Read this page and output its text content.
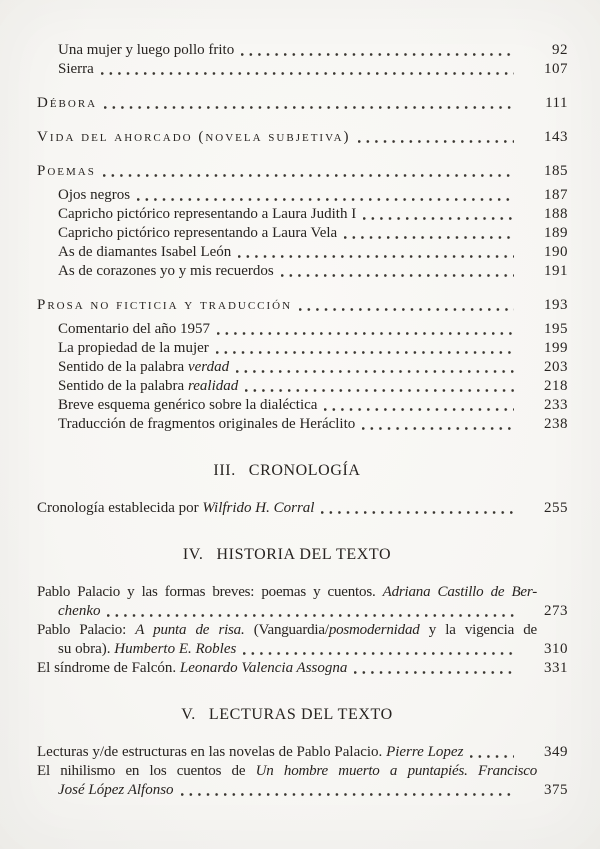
Una mujer y luego pollo frito	92
Sierra	107
Débora	111
Vida del ahorcado (novela subjetiva)	143
Poemas	185
Ojos negros	187
Capricho pictórico representando a Laura Judith I	188
Capricho pictórico representando a Laura Vela	189
As de diamantes Isabel León	190
As de corazones yo y mis recuerdos	191
Prosa no ficticia y traducción	193
Comentario del año 1957	195
La propiedad de la mujer	199
Sentido de la palabra verdad	203
Sentido de la palabra realidad	218
Breve esquema genérico sobre la dialéctica	233
Traducción de fragmentos originales de Heráclito	238
III. CRONOLOGÍA
Cronología establecida por Wilfrido H. Corral	255
IV. HISTORIA DEL TEXTO
Pablo Palacio y las formas breves: poemas y cuentos. Adriana Castillo de Ber-
chenko	273
Pablo Palacio: A punta de risa. (Vanguardia/posmodernidad y la vigencia de
su obra). Humberto E. Robles	310
El síndrome de Falcón. Leonardo Valencia Assogna	331
V. LECTURAS DEL TEXTO
Lecturas y/de estructuras en las novelas de Pablo Palacio. Pierre Lopez	349
El nihilismo en los cuentos de Un hombre muerto a puntapiés. Francisco
José López Alfonso	375
